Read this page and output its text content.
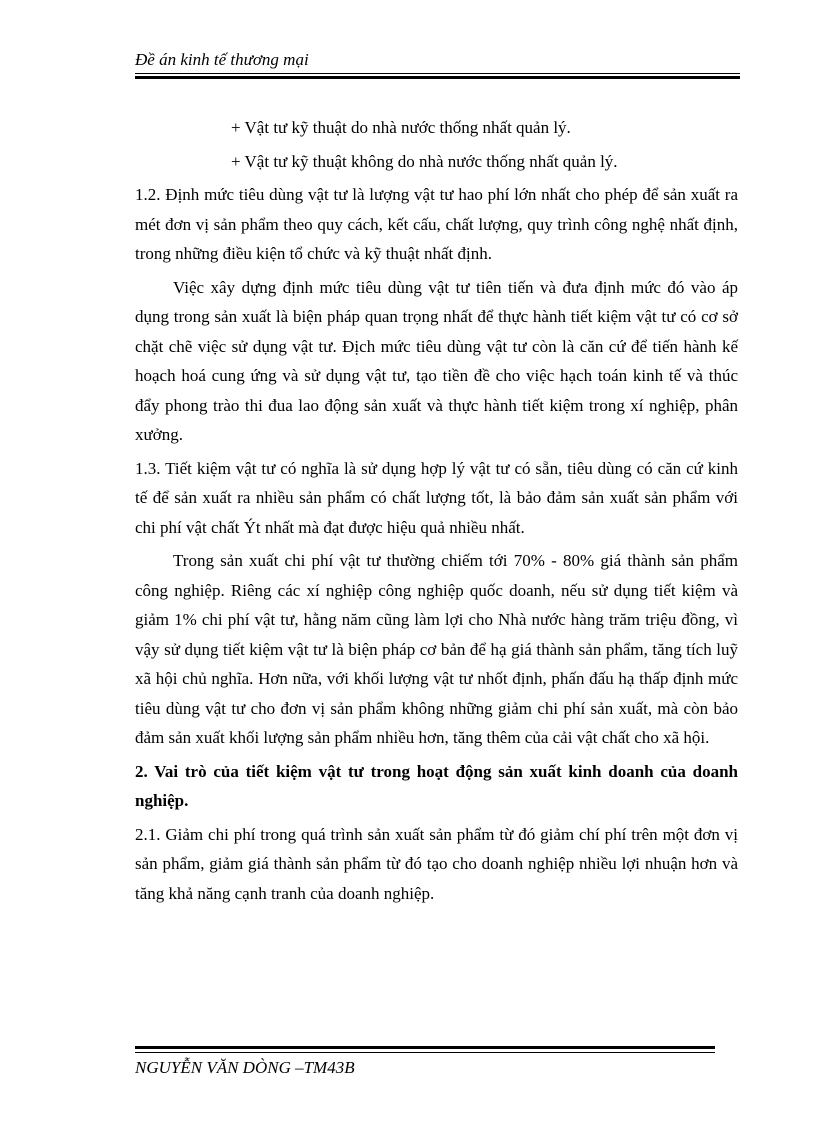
Đề án kinh tế thương mại

+ Vật tư kỹ thuật do nhà nước thống nhất quản lý.

+ Vật tư kỹ thuật không do nhà nước thống nhất quản lý.

1.2. Định mức tiêu dùng vật tư là lượng vật tư hao phí lớn nhất cho phép để sản xuất ra mét đơn vị sản phẩm theo quy cách, kết cấu, chất lượng, quy trình công nghệ nhất định, trong những điều kiện tổ chức và kỹ thuật nhất định.

Việc xây dựng định mức tiêu dùng vật tư tiên tiến và đưa định mức đó vào áp dụng trong sản xuất là biện pháp quan trọng nhất để thực hành tiết kiệm vật tư có cơ sở chặt chẽ việc sử dụng vật tư. Địch mức tiêu dùng vật tư còn là căn cứ để tiến hành kế hoạch hoá cung ứng và sử dụng vật tư, tạo tiền đề cho việc hạch toán kinh tế và thúc đẩy phong trào thi đua lao động sản xuất và thực hành tiết kiệm trong xí nghiệp, phân xưởng.

1.3. Tiết kiệm vật tư có nghĩa là sử dụng hợp lý vật tư có sẵn, tiêu dùng có căn cứ kinh tế để sản xuất ra nhiều sản phẩm có chất lượng tốt, là bảo đảm sản xuất sản phẩm với chi phí vật chất Ýt nhất mà đạt được hiệu quả nhiều nhất.

Trong sản xuất chi phí vật tư thường chiếm tới 70% - 80% giá thành sản phẩm công nghiệp. Riêng các xí nghiệp công nghiệp quốc doanh, nếu sử dụng tiết kiệm và giảm 1% chi phí vật tư, hằng năm cũng làm lợi cho Nhà nước hàng trăm triệu đồng, vì vậy sử dụng tiết kiệm vật tư là biện pháp cơ bản để hạ giá thành sản phẩm, tăng tích luỹ xã hội chủ nghĩa. Hơn nữa, với khối lượng vật tư nhốt định, phấn đấu hạ thấp định mức tiêu dùng vật tư cho đơn vị sản phẩm không những giảm chi phí sản xuất, mà còn bảo đảm sản xuất khối lượng sản phẩm nhiều hơn, tăng thêm của cải vật chất cho xã hội.

2. Vai trò của tiết kiệm vật tư trong hoạt động sản xuất kinh doanh của doanh nghiệp.

2.1. Giảm chi phí trong quá trình sản xuất sản phẩm từ đó giảm chí phí trên một đơn vị sản phẩm, giảm giá thành sản phẩm từ đó tạo cho doanh nghiệp nhiều lợi nhuận hơn và tăng khả năng cạnh tranh của doanh nghiệp.

NGUYỄN VĂN DÒNG –TM43B
